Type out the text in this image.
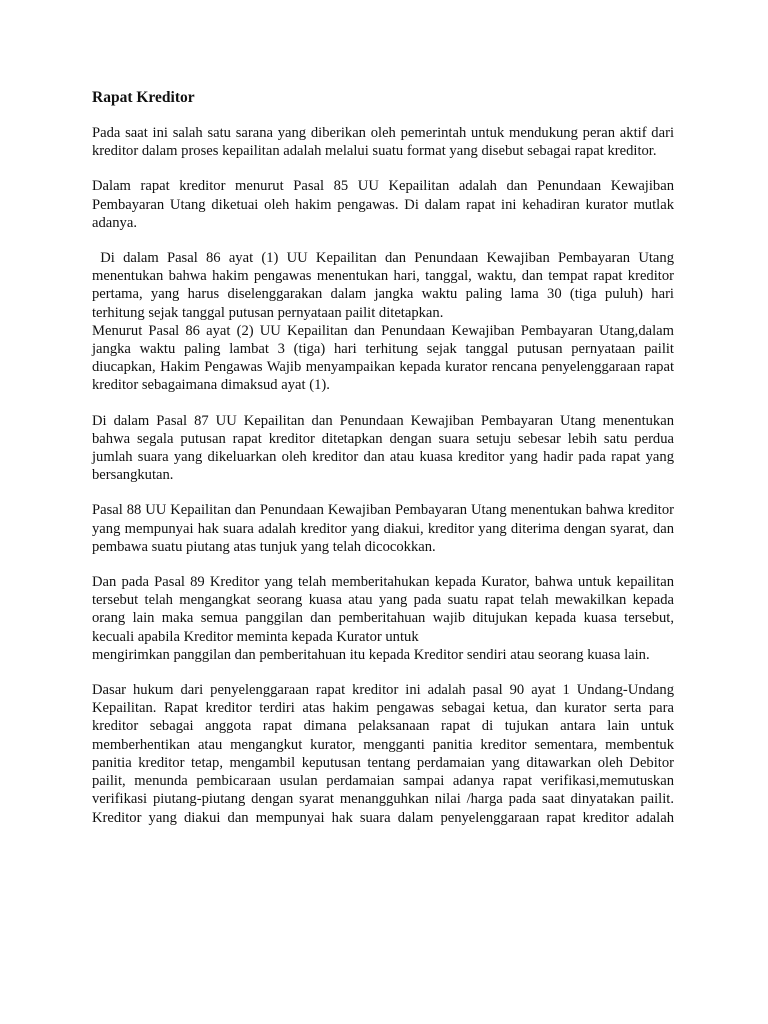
Rapat Kreditor

Pada saat ini salah satu sarana yang diberikan oleh pemerintah untuk mendukung peran aktif dari kreditor dalam proses kepailitan adalah melalui suatu format yang disebut sebagai rapat kreditor.

Dalam rapat kreditor menurut Pasal 85 UU Kepailitan adalah dan Penundaan Kewajiban Pembayaran Utang diketuai oleh hakim pengawas. Di dalam rapat ini kehadiran kurator mutlak adanya.

Di dalam Pasal 86 ayat (1) UU Kepailitan dan Penundaan Kewajiban Pembayaran Utang menentukan bahwa hakim pengawas menentukan hari, tanggal, waktu, dan tempat rapat kreditor pertama, yang harus diselenggarakan dalam jangka waktu paling lama 30 (tiga puluh) hari terhitung sejak tanggal putusan pernyataan pailit ditetapkan.

Menurut Pasal 86 ayat (2) UU Kepailitan dan Penundaan Kewajiban Pembayaran Utang,dalam jangka waktu paling lambat 3 (tiga) hari terhitung sejak tanggal putusan pernyataan pailit diucapkan, Hakim Pengawas Wajib menyampaikan kepada kurator rencana penyelenggaraan rapat kreditor sebagaimana dimaksud ayat (1).

Di dalam Pasal 87 UU Kepailitan dan Penundaan Kewajiban Pembayaran Utang menentukan bahwa segala putusan rapat kreditor ditetapkan dengan suara setuju sebesar lebih satu perdua jumlah suara yang dikeluarkan oleh kreditor dan atau kuasa kreditor yang hadir pada rapat yang bersangkutan.

Pasal 88 UU Kepailitan dan Penundaan Kewajiban Pembayaran Utang menentukan bahwa kreditor yang mempunyai hak suara adalah kreditor yang diakui, kreditor yang diterima dengan syarat, dan pembawa suatu piutang atas tunjuk yang telah dicocokkan.

Dan pada Pasal 89 Kreditor yang telah memberitahukan kepada Kurator, bahwa untuk kepailitan tersebut telah mengangkat seorang kuasa atau yang pada suatu rapat telah mewakilkan kepada orang lain maka semua panggilan dan pemberitahuan wajib ditujukan kepada kuasa tersebut, kecuali apabila Kreditor meminta kepada Kurator untuk

mengirimkan panggilan dan pemberitahuan itu kepada Kreditor sendiri atau seorang kuasa lain.

Dasar hukum dari penyelenggaraan rapat kreditor ini adalah pasal 90 ayat 1 Undang-Undang Kepailitan. Rapat kreditor terdiri atas hakim pengawas sebagai ketua, dan kurator serta para kreditor sebagai anggota rapat dimana pelaksanaan rapat di tujukan antara lain untuk memberhentikan atau mengangkut kurator, mengganti panitia kreditor sementara, membentuk panitia kreditor tetap, mengambil keputusan tentang perdamaian yang ditawarkan oleh Debitor pailit, menunda pembicaraan usulan perdamaian sampai adanya rapat verifikasi,memutuskan verifikasi piutang-piutang dengan syarat menangguhkan nilai /harga pada saat dinyatakan pailit. Kreditor yang diakui dan mempunyai hak suara dalam penyelenggaraan rapat kreditor adalah
